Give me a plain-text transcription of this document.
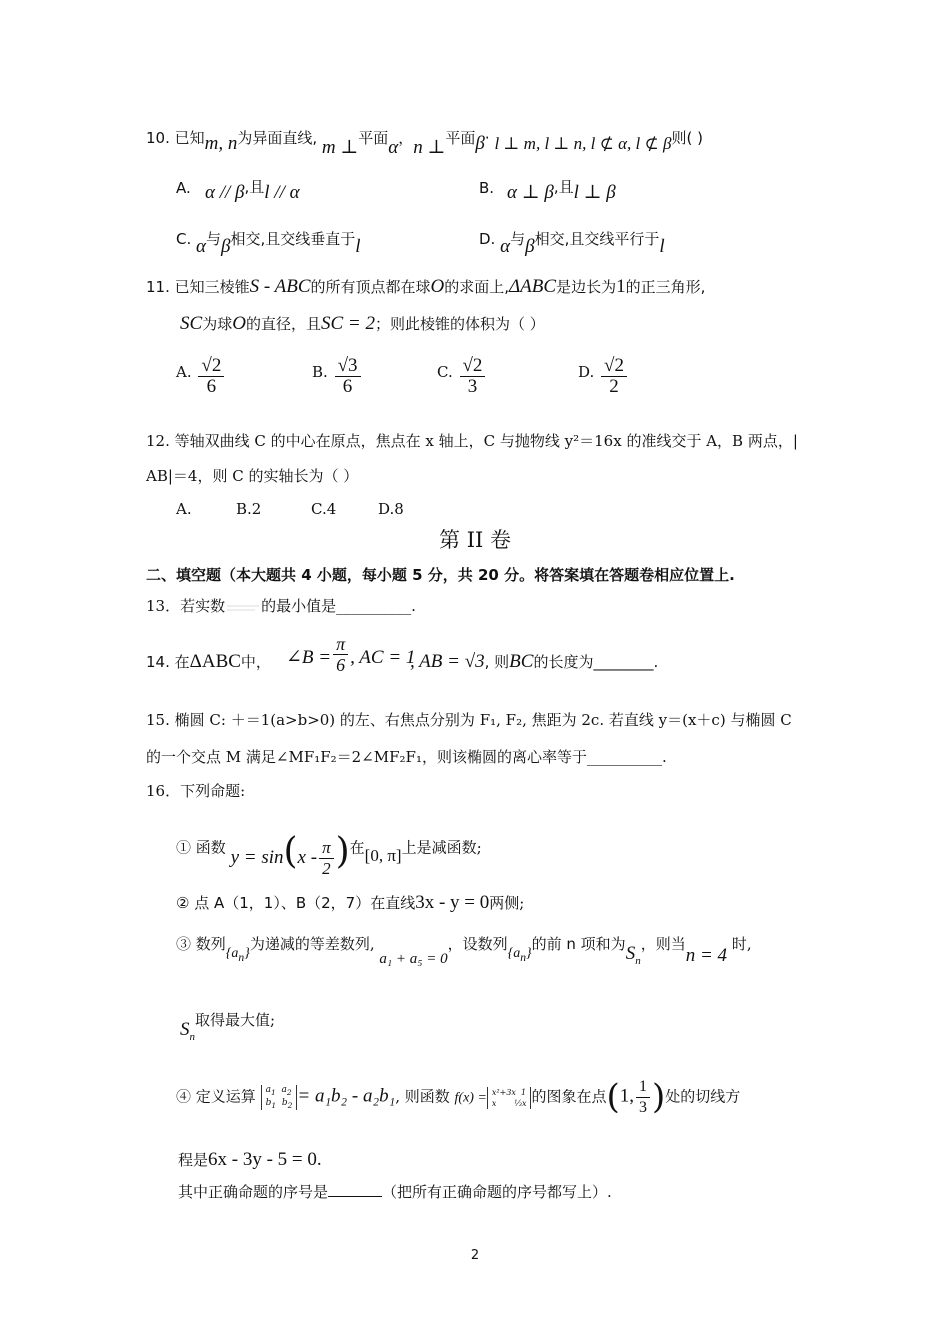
10. 已知m, n为异面直线, m ⊥平面α，n ⊥平面β· l ⊥ m, l ⊥ n, l ⊄ α, l ⊄ β则( )
A. α // β,且l // α	B. α ⊥ β,且l ⊥ β
C. α与β相交,且交线垂直于l	D. α与β相交,且交线平行于l
11. 已知三棱锥S - ABC的所有顶点都在球O的求面上,ΔABC是边长为1的正三角形,
SC为球O的直径，且SC = 2；则此棱锥的体积为（ ）
A. $\frac{√2}{6}$	B. $\frac{√3}{6}$	C. $\frac{√2}{3}$	D. $\frac{√2}{2}$
12. 等轴双曲线 C 的中心在原点，焦点在 x 轴上，C 与抛物线 y²＝16x 的准线交于 A，B 两点，|
AB|＝4，则 C 的实轴长为（ ）
A.	B.2	C.4	D.8
第 II 卷
二、填空题（本大题共 4 小题，每小题 5 分，共 20 分。将答案填在答题卷相应位置上.
13．若实数 的最小值是__________.
14. 在ΔABC中， ∠B = $\frac{\pi}{6}$ , AC = 1
, AB = √3, 则BC的长度为________.
15. 椭圆 C: ＋＝1(a>b>0) 的左、右焦点分别为 F₁, F₂, 焦距为 2c. 若直线 y＝(x＋c) 与椭圆 C
的一个交点 M 满足∠MF₁F₂＝2∠MF₂F₁，则该椭圆的离心率等于__________.
16．下列命题:
① 函数 $y = \sin(x - \frac{\pi}{2}$ )在[0, π]上是减函数;
② 点 A（1，1）、B（2，7）在直线3x - y = 0两侧;
③ 数列$\{a_n\}$为递减的等差数列, a₁ + a₅ = 0，设数列$\{a_n\}$的前 n 项和为$S_n$，则当n = 4 时,
$S_n$取得最大值;
④ 定义运算 $a_1$  $a_2$
$b_1$  $b_2 = a_1b_2 - a_2b_1$, 则函数 f(x) = x²+3x  1
x       ⅓x 的图象在点(1, $\frac{1}{3}$ )处的切线方
程是6x - 3y - 5 = 0.
其中正确命题的序号是	（把所有正确命题的序号都写上）.
2
